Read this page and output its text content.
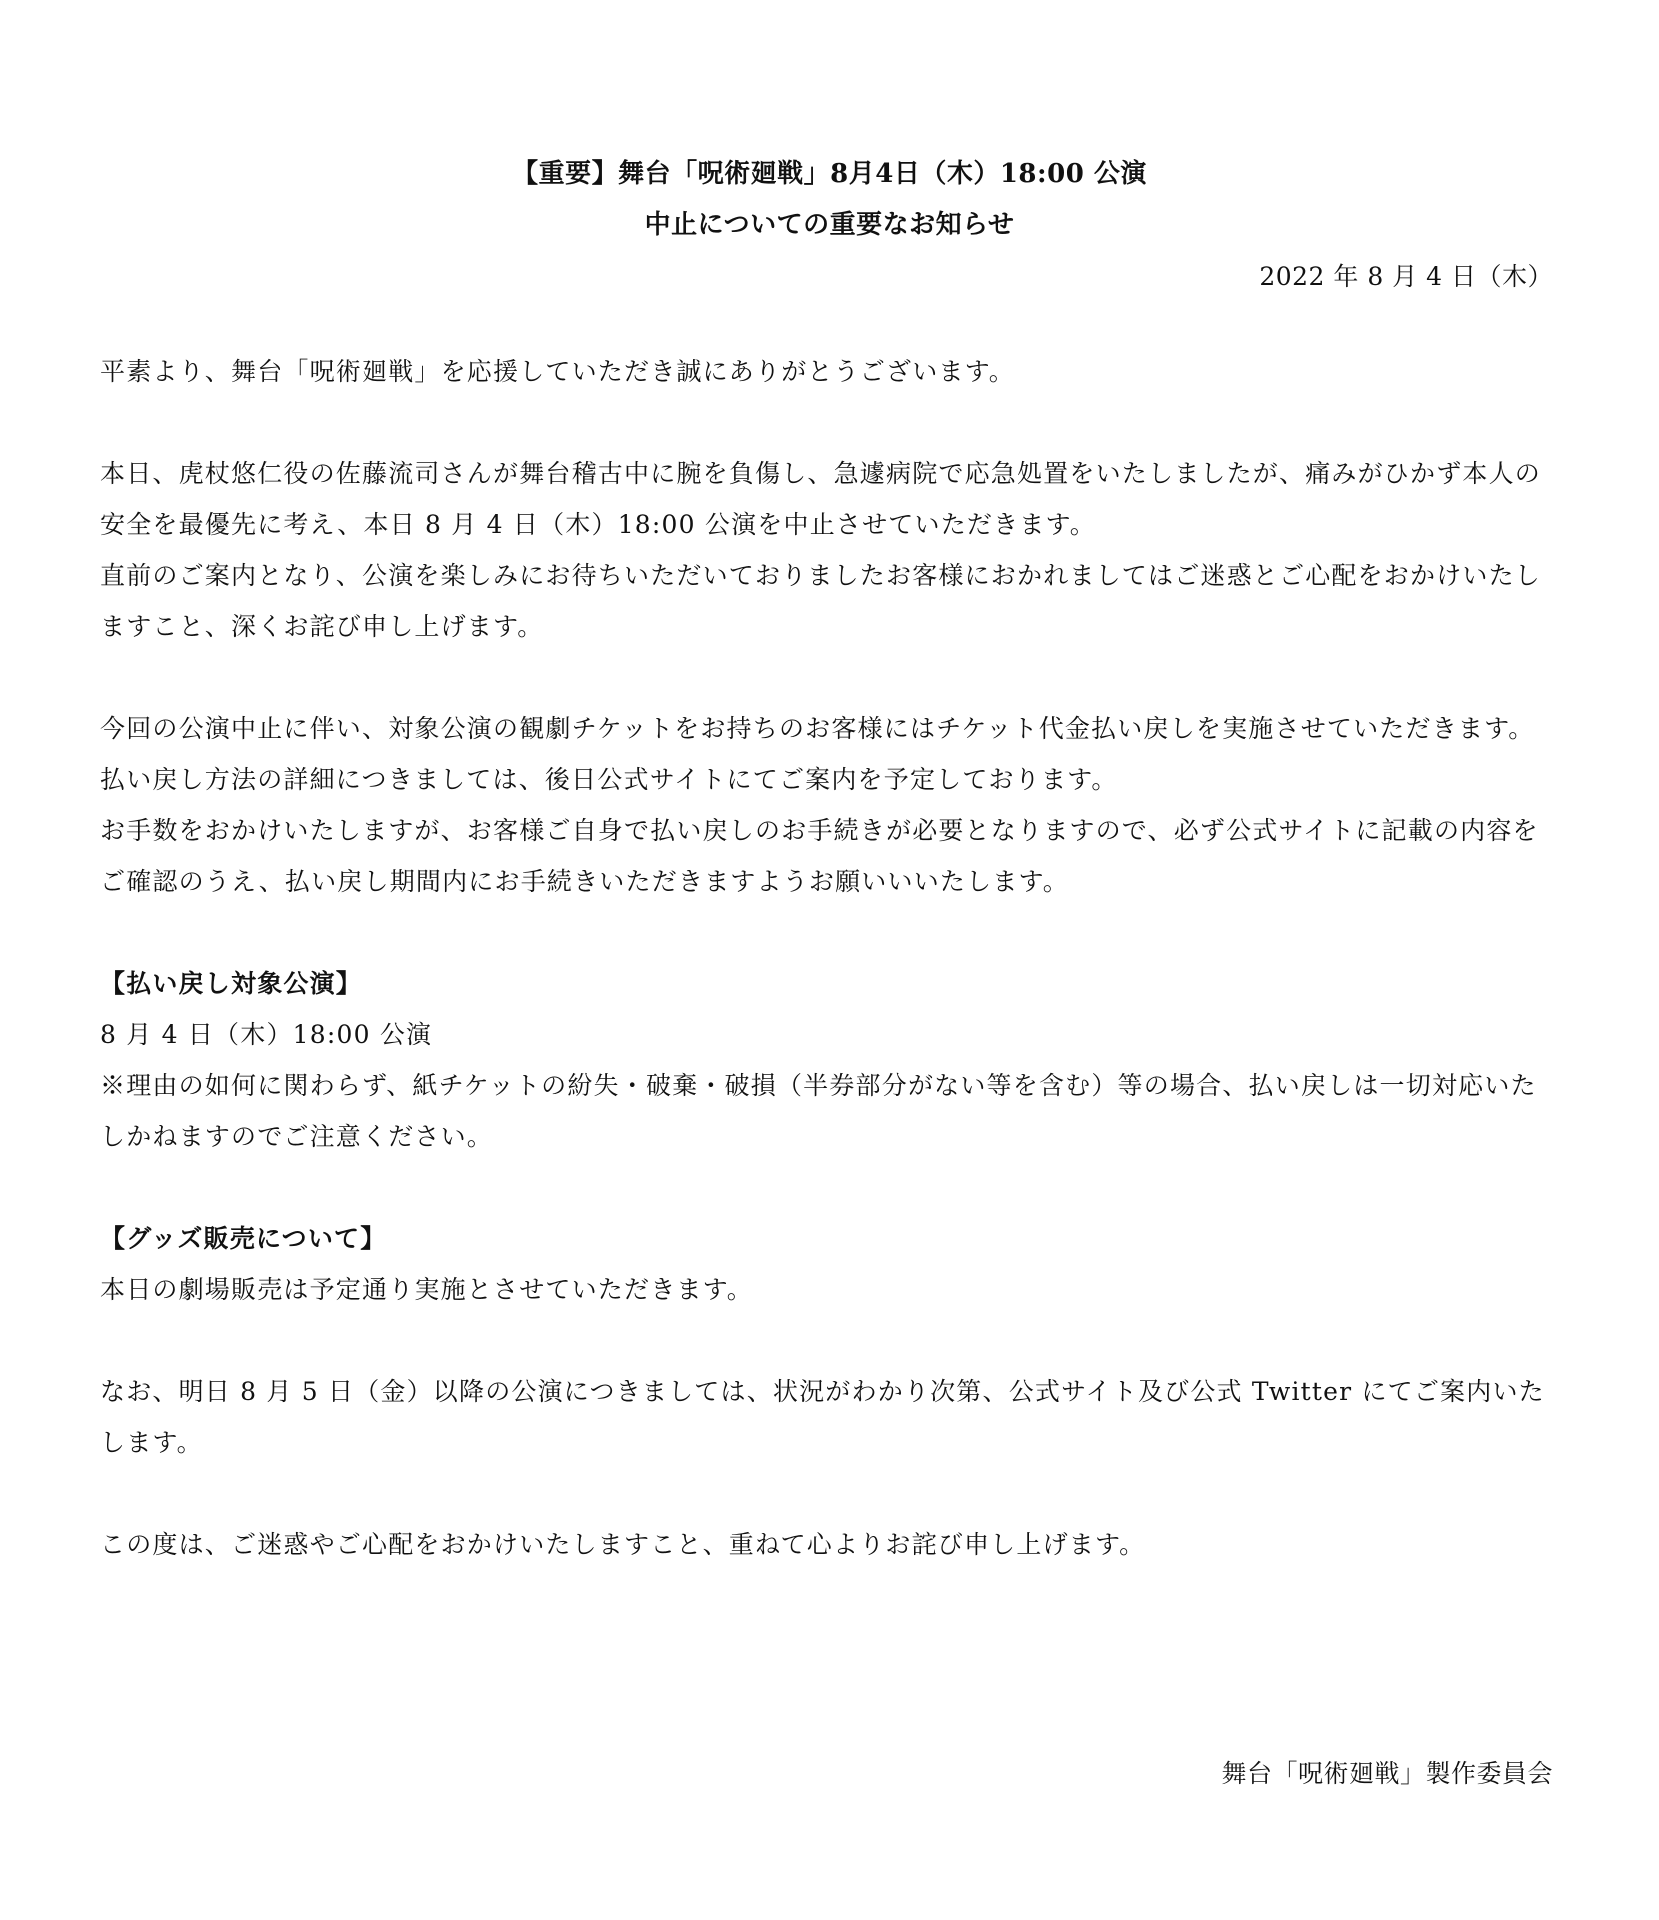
【重要】舞台「呪術廻戦」8月4日（木）18:00 公演
中止についての重要なお知らせ
2022 年 8 月 4 日（木）

平素より、舞台「呪術廻戦」を応援していただき誠にありがとうございます。

本日、虎杖悠仁役の佐藤流司さんが舞台稽古中に腕を負傷し、急遽病院で応急処置をいたしましたが、痛みがひかず本人の安全を最優先に考え、本日 8 月 4 日（木）18:00 公演を中止させていただきます。

直前のご案内となり、公演を楽しみにお待ちいただいておりましたお客様におかれましてはご迷惑とご心配をおかけいたしますこと、深くお詫び申し上げます。

今回の公演中止に伴い、対象公演の観劇チケットをお持ちのお客様にはチケット代金払い戻しを実施させていただきます。

払い戻し方法の詳細につきましては、後日公式サイトにてご案内を予定しております。

お手数をおかけいたしますが、お客様ご自身で払い戻しのお手続きが必要となりますので、必ず公式サイトに記載の内容をご確認のうえ、払い戻し期間内にお手続きいただきますようお願いいいたします。

【払い戻し対象公演】

8 月 4 日（木）18:00 公演

※理由の如何に関わらず、紙チケットの紛失・破棄・破損（半券部分がない等を含む）等の場合、払い戻しは一切対応いたしかねますのでご注意ください。

【グッズ販売について】

本日の劇場販売は予定通り実施とさせていただきます。

なお、明日 8 月 5 日（金）以降の公演につきましては、状況がわかり次第、公式サイト及び公式 Twitter にてご案内いたします。

この度は、ご迷惑やご心配をおかけいたしますこと、重ねて心よりお詫び申し上げます。

舞台「呪術廻戦」製作委員会
